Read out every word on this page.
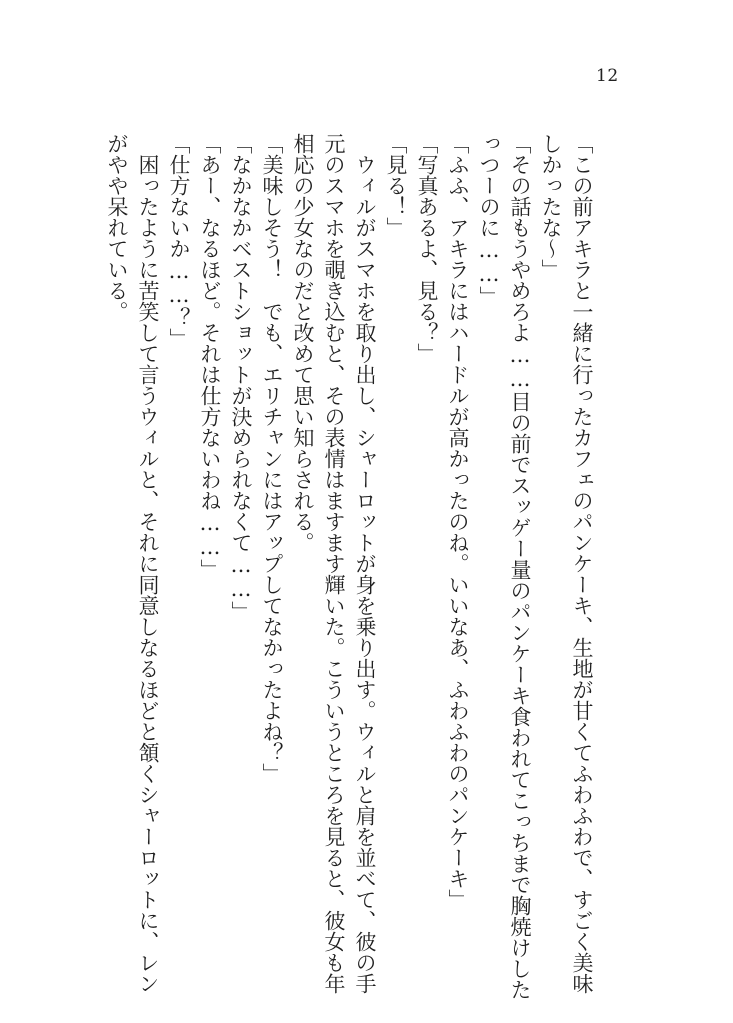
12
「この前アキラと一緒に行ったカフェのパンケーキ、生地が甘くてふわふわで、すごく美味
しかったな～」
「その話もうやめろよ……目の前でスッゲー量のパンケーキ食われてこっちまで胸焼けした
っつーのに……」
「ふふ、アキラにはハードルが高かったのね。いいなあ、ふわふわのパンケーキ」
「写真あるよ、見る？」
「見る！」
　ウィルがスマホを取り出し、シャーロットが身を乗り出す。ウィルと肩を並べて、彼の手
元のスマホを覗き込むと、その表情はますます輝いた。こういうところを見ると、彼女も年
相応の少女なのだと改めて思い知らされる。
「美味しそう！　でも、エリチャンにはアップしてなかったよね？」
「なかなかベストショットが決められなくて……」
「あー、なるほど。それは仕方ないわね……」
「仕方ないか……？」
　困ったように苦笑して言うウィルと、それに同意しなるほどと頷くシャーロットに、レン
がやや呆れている。
